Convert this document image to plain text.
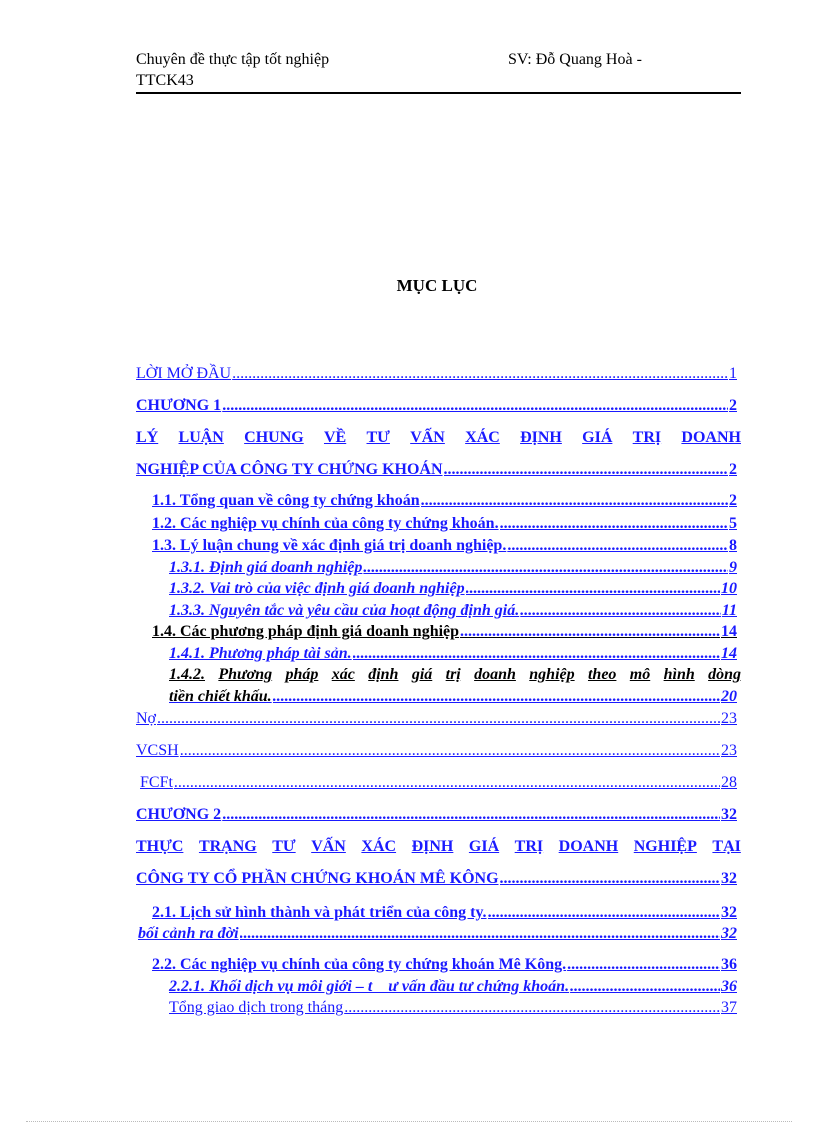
Chuyên đề thực tập tốt nghiệp	SV: Đỗ Quang Hoà -
TTCK43
MỤC LỤC
LỜI MỞ ĐẦU .....	1
CHƯƠNG 1 .....	2
LÝ LUẬN CHUNG VỀ TƯ VẤN XÁC ĐỊNH GIÁ TRỊ DOANH
NGHIỆP CỦA CÔNG TY CHỨNG KHOÁN .....	2
1.1. Tổng quan về công ty chứng khoán .....	2
1.2. Các nghiệp vụ chính của công ty chứng khoán. .....	5
1.3. Lý luận chung về xác định giá trị doanh nghiệp. .....	8
1.3.1. Định giá doanh nghiệp .....	9
1.3.2. Vai trò của việc định giá doanh nghiệp .....	10
1.3.3. Nguyên tắc và yêu cầu của hoạt động định giá. .....	11
1.4. Các phương pháp định giá doanh nghiệp .....	14
1.4.1. Phương pháp tài sản. .....	14
1.4.2. Phương pháp xác định giá trị doanh nghiệp theo mô hình dòng
tiền chiết khấu. .....	20
Nợ .....	23
VCSH .....	23
FCFt .....	28
CHƯƠNG 2 .....	32
THỰC TRẠNG TƯ VẤN XÁC ĐỊNH GIÁ TRỊ DOANH NGHIỆP TẠI
CÔNG TY CỔ PHẦN CHỨNG KHOÁN MÊ KÔNG .....	32
2.1. Lịch sử hình thành và phát triển của công ty. .....	32
bối cảnh ra đời .....	32
2.2. Các nghiệp vụ chính của công ty chứng khoán Mê Kông. .....	36
2.2.1. Khối dịch vụ môi giới – t    ư vấn đầu tư chứng khoán. .....	36
Tổng giao dịch trong tháng .....	37
